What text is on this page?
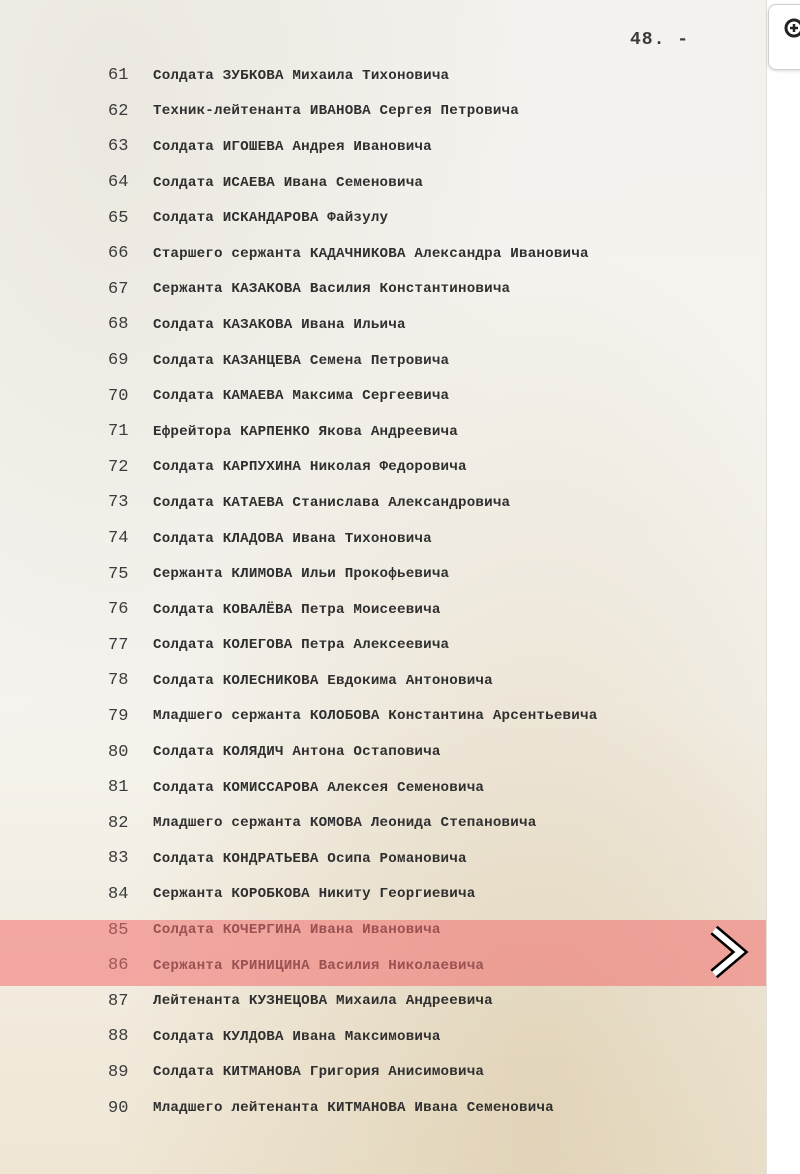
48. -
61 Солдата ЗУБКОВА Михаила Тихоновича
62 Техник-лейтенанта ИВАНОВА Сергея Петровича
63 Солдата ИГОШЕВА Андрея Ивановича
64 Солдата ИСАЕВА Ивана Семеновича
65 Солдата ИСКАНДАРОВА Файзулу
66 Старшего сержанта КАДАЧНИКОВА Александра Ивановича
67 Сержанта КАЗАКОВА Василия Константиновича
68 Солдата КАЗАКОВА Ивана Ильича
69 Солдата КАЗАНЦЕВА Семена Петровича
70 Солдата КАМАЕВА Максима Сергеевича
71 Ефрейтора КАРПЕНКО Якова Андреевича
72 Солдата КАРПУХИНА Николая Федоровича
73 Солдата КАТАЕВА Станислава Александровича
74 Солдата КЛАДОВА Ивана Тихоновича
75 Сержанта КЛИМОВА Ильи Прокофьевича
76 Солдата КОВАЛЁВА Петра Моисеевича
77 Солдата КОЛЕГОВА Петра Алексеевича
78 Солдата КОЛЕСНИКОВА Евдокима Антоновича
79 Младшего сержанта КОЛОБОВА Константина Арсентьевича
80 Солдата КОЛЯДИЧ Антона Остаповича
81 Солдата КОМИССАРОВА Алексея Семеновича
82 Младшего сержанта КОМОВА Леонида Степановича
83 Солдата КОНДРАТЬЕВА Осипа Романовича
84 Сержанта КОРОБКОВА Никиту Георгиевича
87 Лейтенанта КУЗНЕЦОВА Михаила Андреевича
88 Солдата КУЛДОВА Ивана Максимовича
89 Солдата КИТМАНОВА Григория Анисимовича
90 Младшего лейтенанта КИТМАНОВА Ивана Семеновича
